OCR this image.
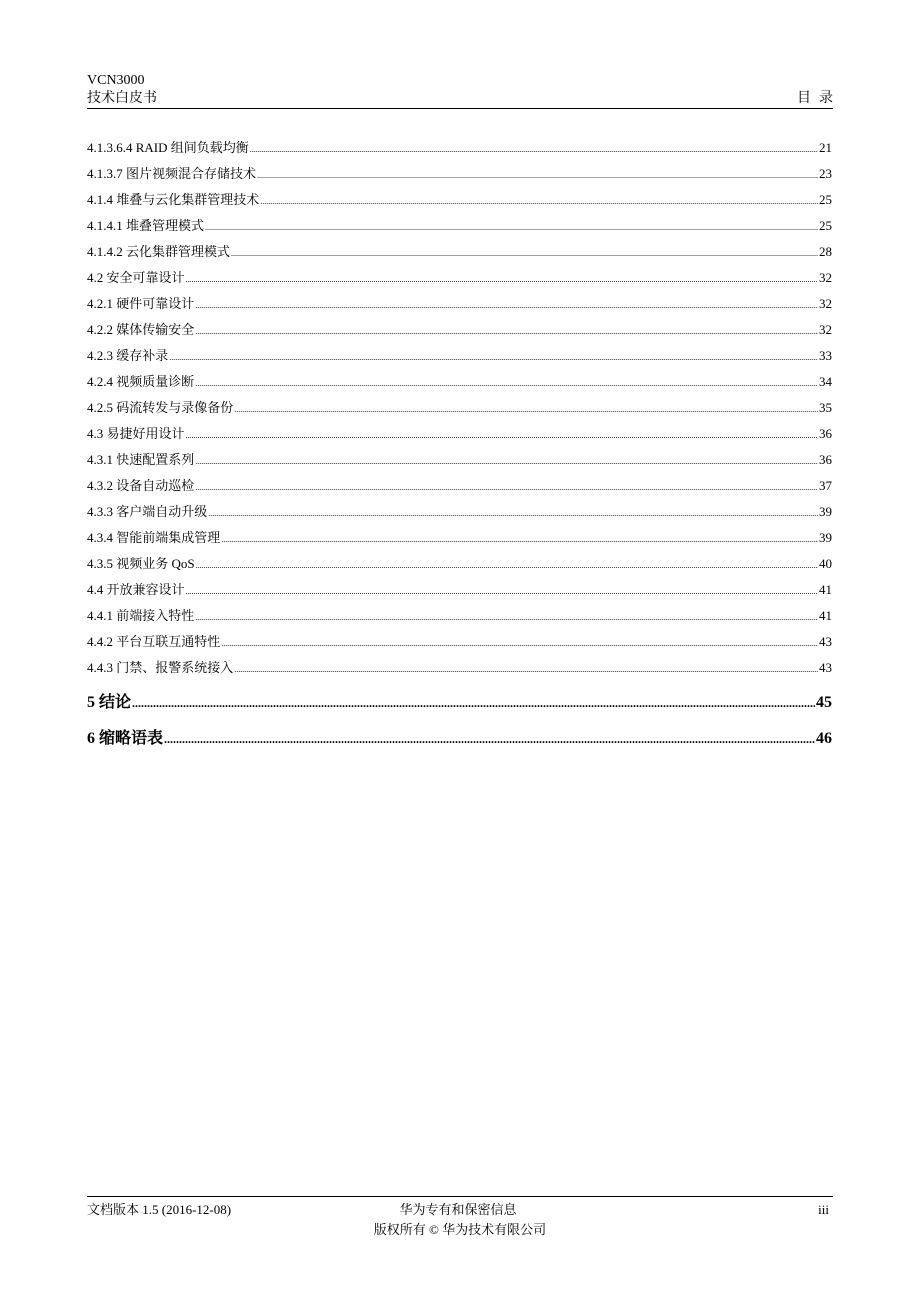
VCN3000
技术白皮书	目录
4.1.3.6.4 RAID 组间负载均衡 .....	21
4.1.3.7 图片视频混合存储技术 .....	23
4.1.4 堆叠与云化集群管理技术 .....	25
4.1.4.1 堆叠管理模式 .....	25
4.1.4.2 云化集群管理模式 .....	28
4.2 安全可靠设计 .....	32
4.2.1 硬件可靠设计 .....	32
4.2.2 媒体传输安全 .....	32
4.2.3 缓存补录 .....	33
4.2.4 视频质量诊断 .....	34
4.2.5 码流转发与录像备份 .....	35
4.3 易捷好用设计 .....	36
4.3.1 快速配置系列 .....	36
4.3.2 设备自动巡检 .....	37
4.3.3 客户端自动升级 .....	39
4.3.4 智能前端集成管理 .....	39
4.3.5 视频业务 QoS .....	40
4.4 开放兼容设计 .....	41
4.4.1 前端接入特性 .....	41
4.4.2 平台互联互通特性 .....	43
4.4.3 门禁、报警系统接入 .....	43
5 结论 .....	45
6 缩略语表 .....	46
文档版本 1.5 (2016-12-08)	华为专有和保密信息	iii
版权所有 © 华为技术有限公司
